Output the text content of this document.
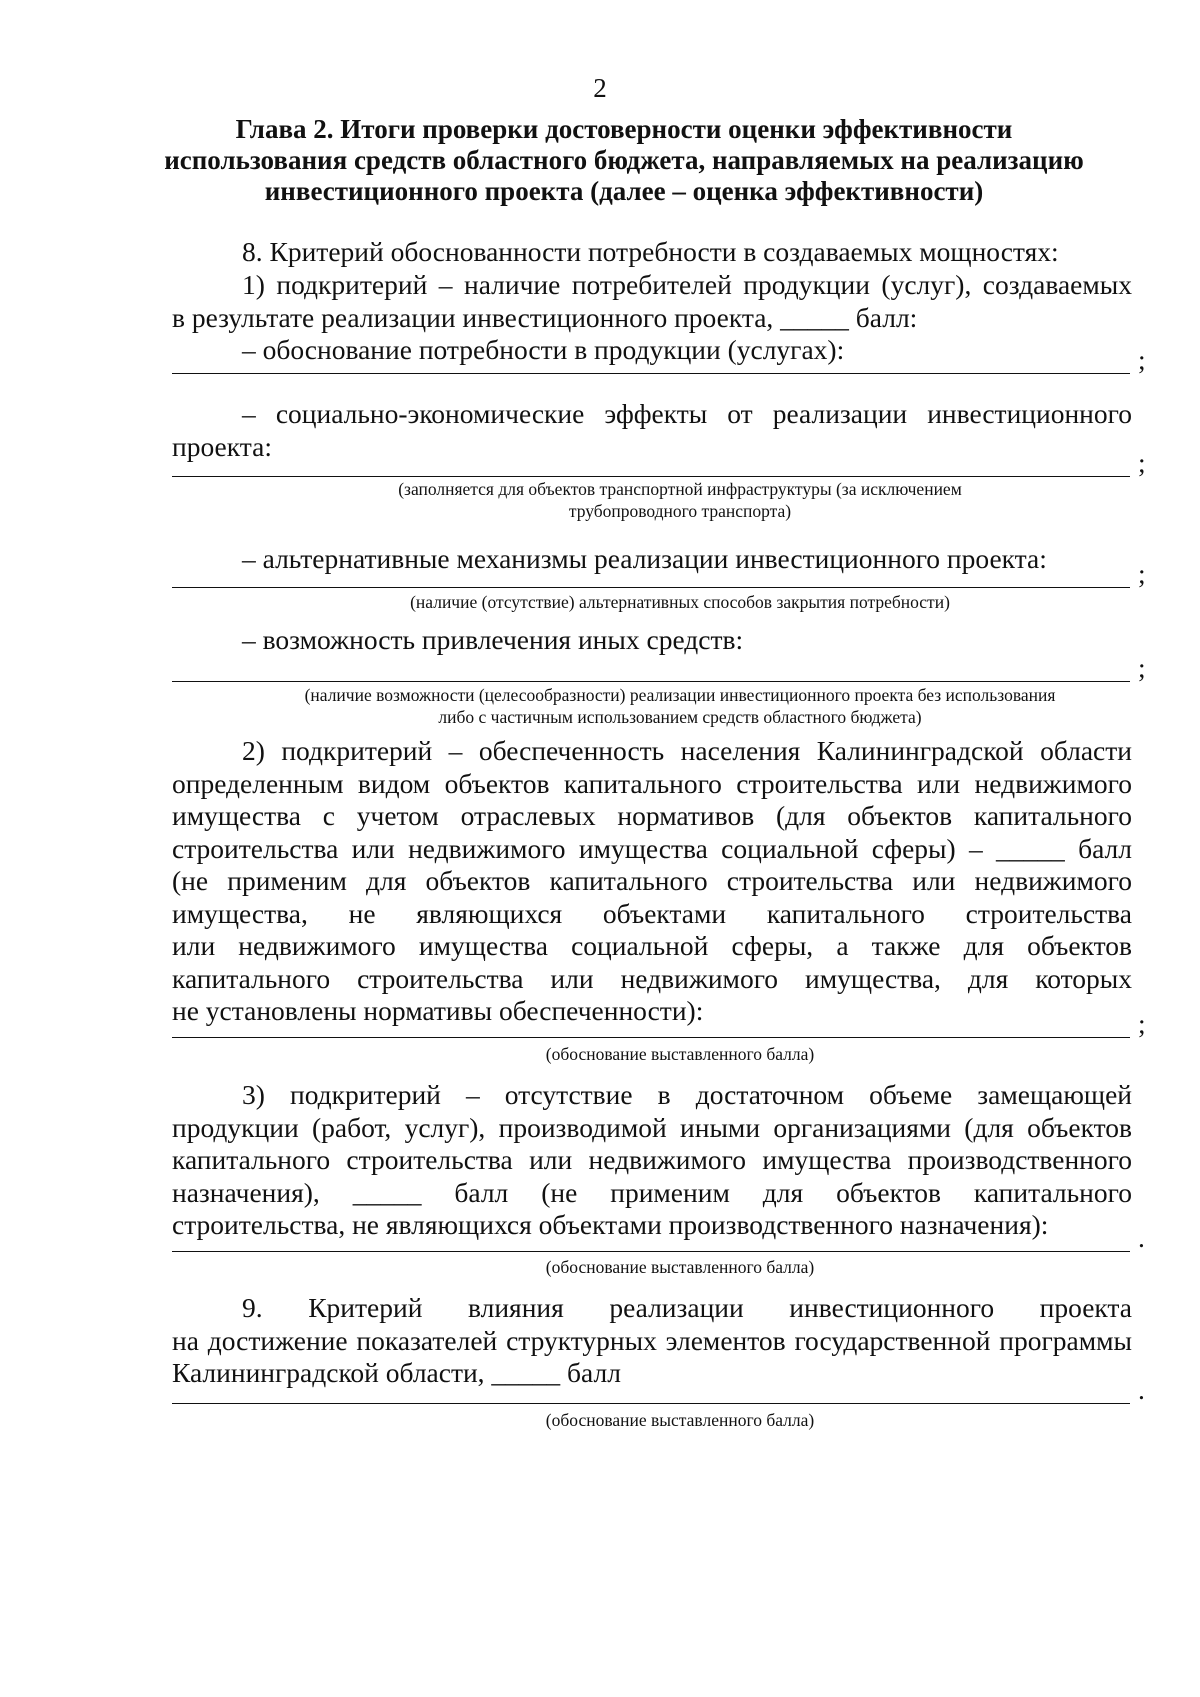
2
Глава 2. Итоги проверки достоверности оценки эффективности
использования средств областного бюджета, направляемых на реализацию
инвестиционного проекта (далее – оценка эффективности)
8. Критерий обоснованности потребности в создаваемых мощностях:
1) подкритерий – наличие потребителей продукции (услуг), создаваемых
в результате реализации инвестиционного проекта, _____ балл:
– обоснование потребности в продукции (услугах):	;
– социально-экономические эффекты от реализации инвестиционного
проекта:
;
(заполняется для объектов транспортной инфраструктуры (за исключением
трубопроводного транспорта)
– альтернативные механизмы реализации инвестиционного проекта:	;
(наличие (отсутствие) альтернативных способов закрытия потребности)
– возможность привлечения иных средств:
;
(наличие возможности (целесообразности) реализации инвестиционного проекта без использования
либо с частичным использованием средств областного бюджета)
2) подкритерий – обеспеченность населения Калининградской области
определенным видом объектов капитального строительства или недвижимого
имущества с учетом отраслевых нормативов (для объектов капитального
строительства или недвижимого имущества социальной сферы) – _____ балл
(не применим для объектов капитального строительства или недвижимого
имущества, не являющихся объектами капитального строительства
или недвижимого имущества социальной сферы, а также для объектов
капитального строительства или недвижимого имущества, для которых
не установлены нормативы обеспеченности):	;
(обоснование выставленного балла)
3) подкритерий – отсутствие в достаточном объеме замещающей
продукции (работ, услуг), производимой иными организациями (для объектов
капитального строительства или недвижимого имущества производственного
назначения), _____ балл (не применим для объектов капитального
строительства, не являющихся объектами производственного назначения):	.
(обоснование выставленного балла)
9. Критерий влияния реализации инвестиционного проекта
на достижение показателей структурных элементов государственной программы
Калининградской области, _____ балл
.
(обоснование выставленного балла)
